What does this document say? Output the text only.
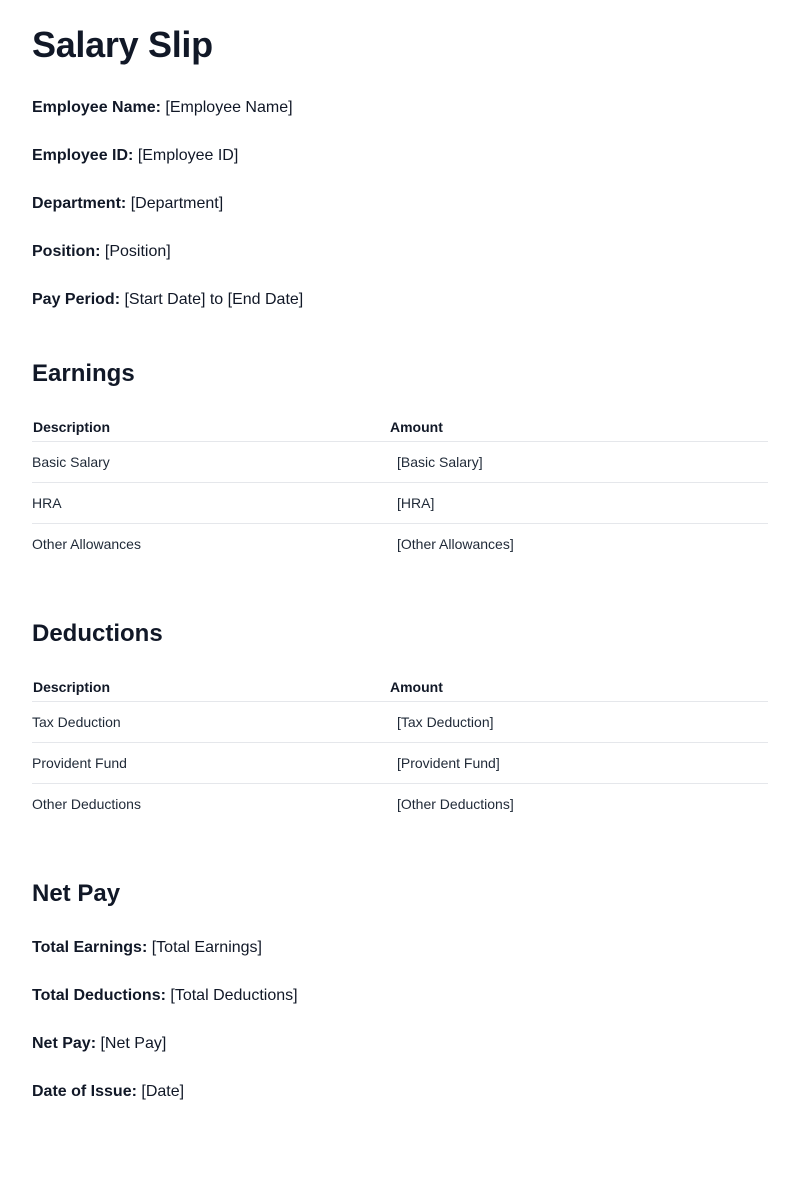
Salary Slip

Employee Name: [Employee Name]

Employee ID: [Employee ID]

Department: [Department]

Position: [Position]

Pay Period: [Start Date] to [End Date]

Earnings
Description	Amount
Basic Salary	[Basic Salary]
HRA	[HRA]
Other Allowances	[Other Allowances]
Deductions
Description	Amount
Tax Deduction	[Tax Deduction]
Provident Fund	[Provident Fund]
Other Deductions	[Other Deductions]
Net Pay

Total Earnings: [Total Earnings]

Total Deductions: [Total Deductions]

Net Pay: [Net Pay]

Date of Issue: [Date]
